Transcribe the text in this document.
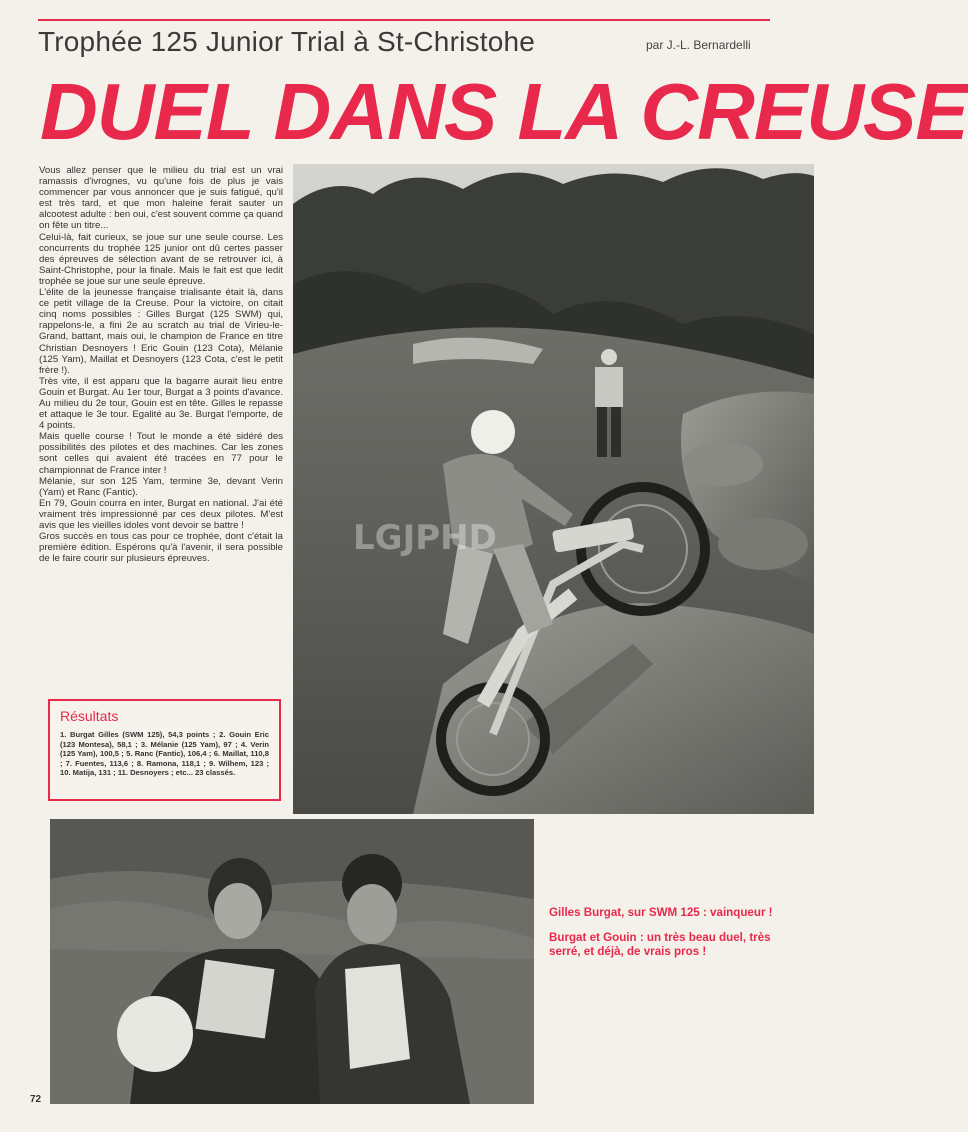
Trophée 125 Junior Trial à St-Christohe	par J.-L. Bernardelli
DUEL DANS LA CREUSE

Vous allez penser que le milieu du trial est un vrai ramassis d'ivrognes, vu qu'une fois de plus je vais commencer par vous annoncer que je suis fatigué, qu'il est très tard, et que mon haleine ferait sauter un alcootest adulte : ben oui, c'est souvent comme ça quand on fête un titre...

Celui-là, fait curieux, se joue sur une seule course. Les concurrents du trophée 125 junior ont dû certes passer des épreuves de sélection avant de se retrouver ici, à Saint-Christophe, pour la finale. Mais le fait est que ledit trophée se joue sur une seule épreuve.

L'élite de la jeunesse française trialisante était là, dans ce petit village de la Creuse. Pour la victoire, on citait cinq noms possibles : Gilles Burgat (125 SWM) qui, rappelons-le, a fini 2e au scratch au trial de Virieu-le-Grand, battant, mais oui, le champion de France en titre Christian Desnoyers ! Eric Gouin (123 Cota), Mélanie (125 Yam), Maillat et Desnoyers (123 Cota, c'est le petit frère !).

Très vite, il est apparu que la bagarre aurait lieu entre Gouin et Burgat. Au 1er tour, Burgat a 3 points d'avance. Au milieu du 2e tour, Gouin est en tête. Gilles le repasse et attaque le 3e tour. Egalité au 3e. Burgat l'emporte, de 4 points.

Mais quelle course ! Tout le monde a été sidéré des possibilités des pilotes et des machines. Car les zones sont celles qui avaient été tracées en 77 pour le championnat de France inter !

Mélanie, sur son 125 Yam, termine 3e, devant Verin (Yam) et Ranc (Fantic).

En 79, Gouin courra en inter, Burgat en national. J'ai été vraiment très impressionné par ces deux pilotes. M'est avis que les vieilles idoles vont devoir se battre !

Gros succès en tous cas pour ce trophée, dont c'était la première édition. Espérons qu'à l'avenir, il sera possible de le faire courir sur plusieurs épreuves.

Résultats

1. Burgat Gilles (SWM 125), 54,3 points ; 2. Gouin Eric (123 Montesa), 58,1 ; 3. Mélanie (125 Yam), 97 ; 4. Verin (125 Yam), 100,5 ; 5. Ranc (Fantic), 106,4 ; 6. Maillat, 110,8 ; 7. Fuentes, 113,6 ; 8. Ramona, 118,1 ; 9. Wilhem, 123 ; 10. Matija, 131 ; 11. Desnoyers ; etc... 23 classés.

LGJPHD

Gilles Burgat, sur SWM 125 : vainqueur !

Burgat et Gouin : un très beau duel, très serré, et déjà, de vrais pros !

72
